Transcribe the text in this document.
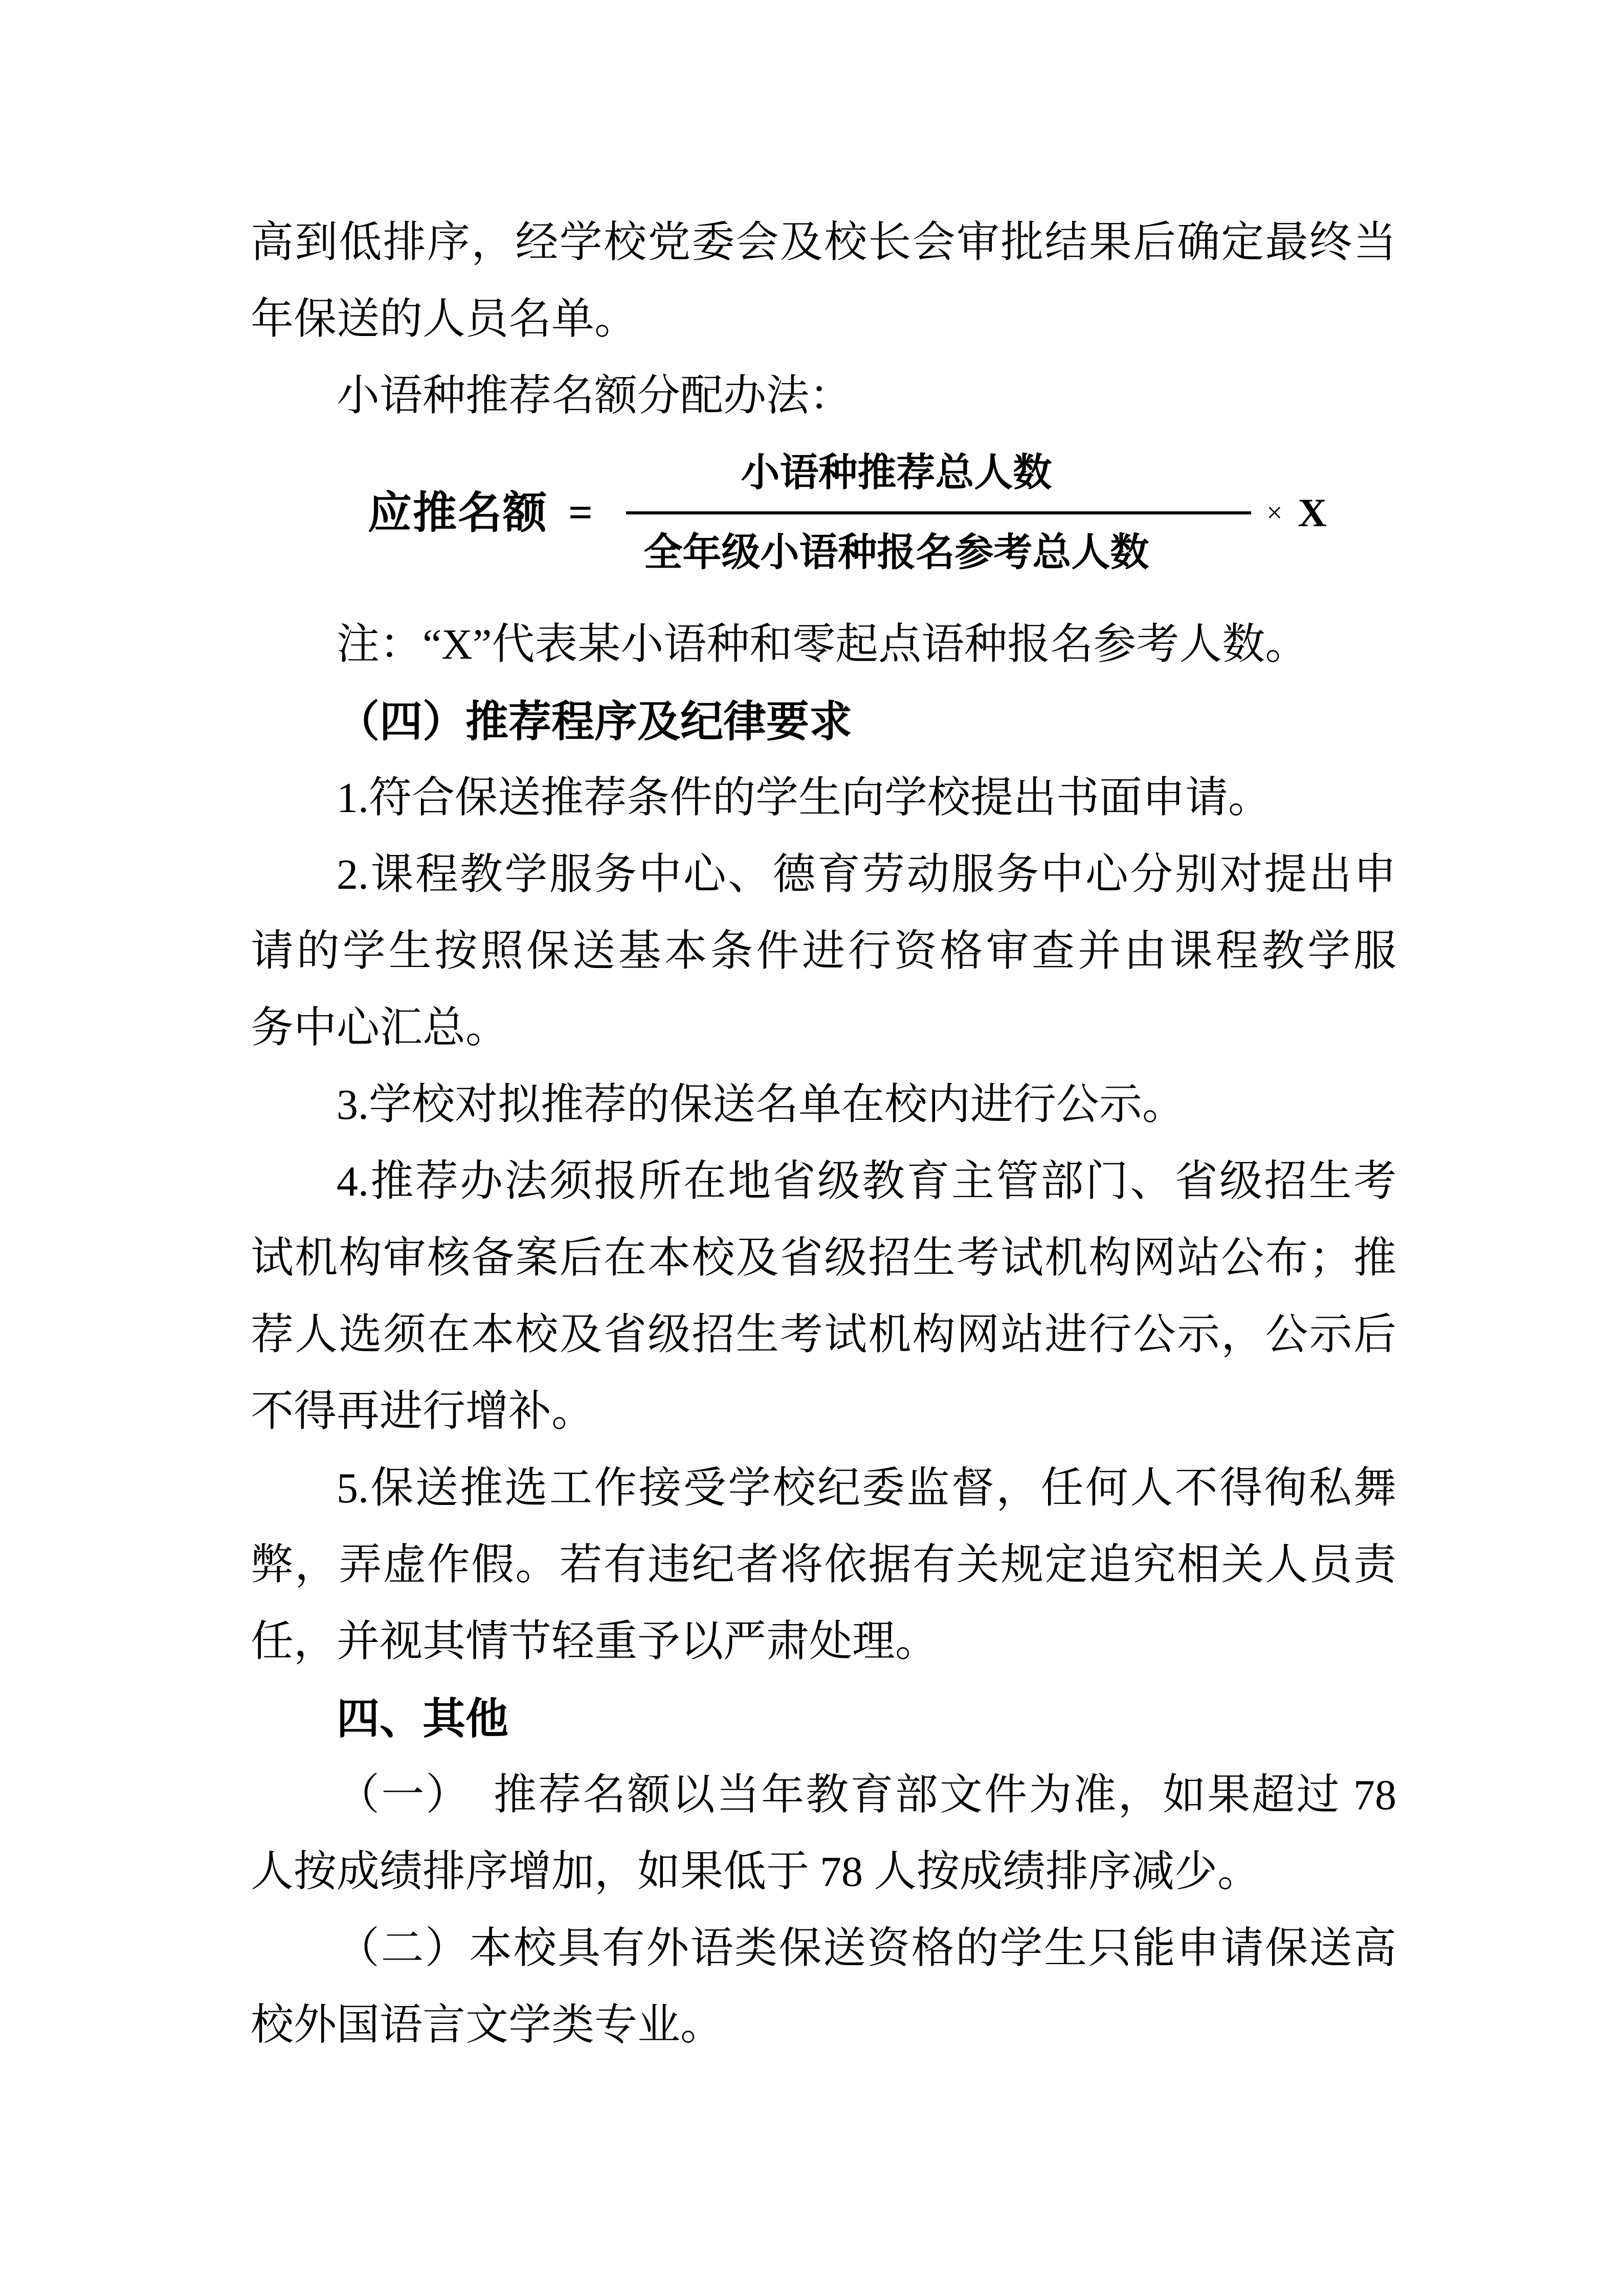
高到低排序，经学校党委会及校长会审批结果后确定最终当
年保送的人员名单。
小语种推荐名额分配办法：
应推名额 =
小语种推荐总人数
全年级小语种报名参考总人数
× X
注：“X”代表某小语种和零起点语种报名参考人数。
（四）推荐程序及纪律要求
1.符合保送推荐条件的学生向学校提出书面申请。
2.课程教学服务中心、德育劳动服务中心分别对提出申
请的学生按照保送基本条件进行资格审查并由课程教学服
务中心汇总。
3.学校对拟推荐的保送名单在校内进行公示。
4.推荐办法须报所在地省级教育主管部门、省级招生考
试机构审核备案后在本校及省级招生考试机构网站公布；推
荐人选须在本校及省级招生考试机构网站进行公示，公示后
不得再进行增补。
5.保送推选工作接受学校纪委监督，任何人不得徇私舞
弊，弄虚作假。若有违纪者将依据有关规定追究相关人员责
任，并视其情节轻重予以严肃处理。
四、其他
（一）　推荐名额以当年教育部文件为准，如果超过 78
人按成绩排序增加，如果低于 78 人按成绩排序减少。
（二）本校具有外语类保送资格的学生只能申请保送高
校外国语言文学类专业。
